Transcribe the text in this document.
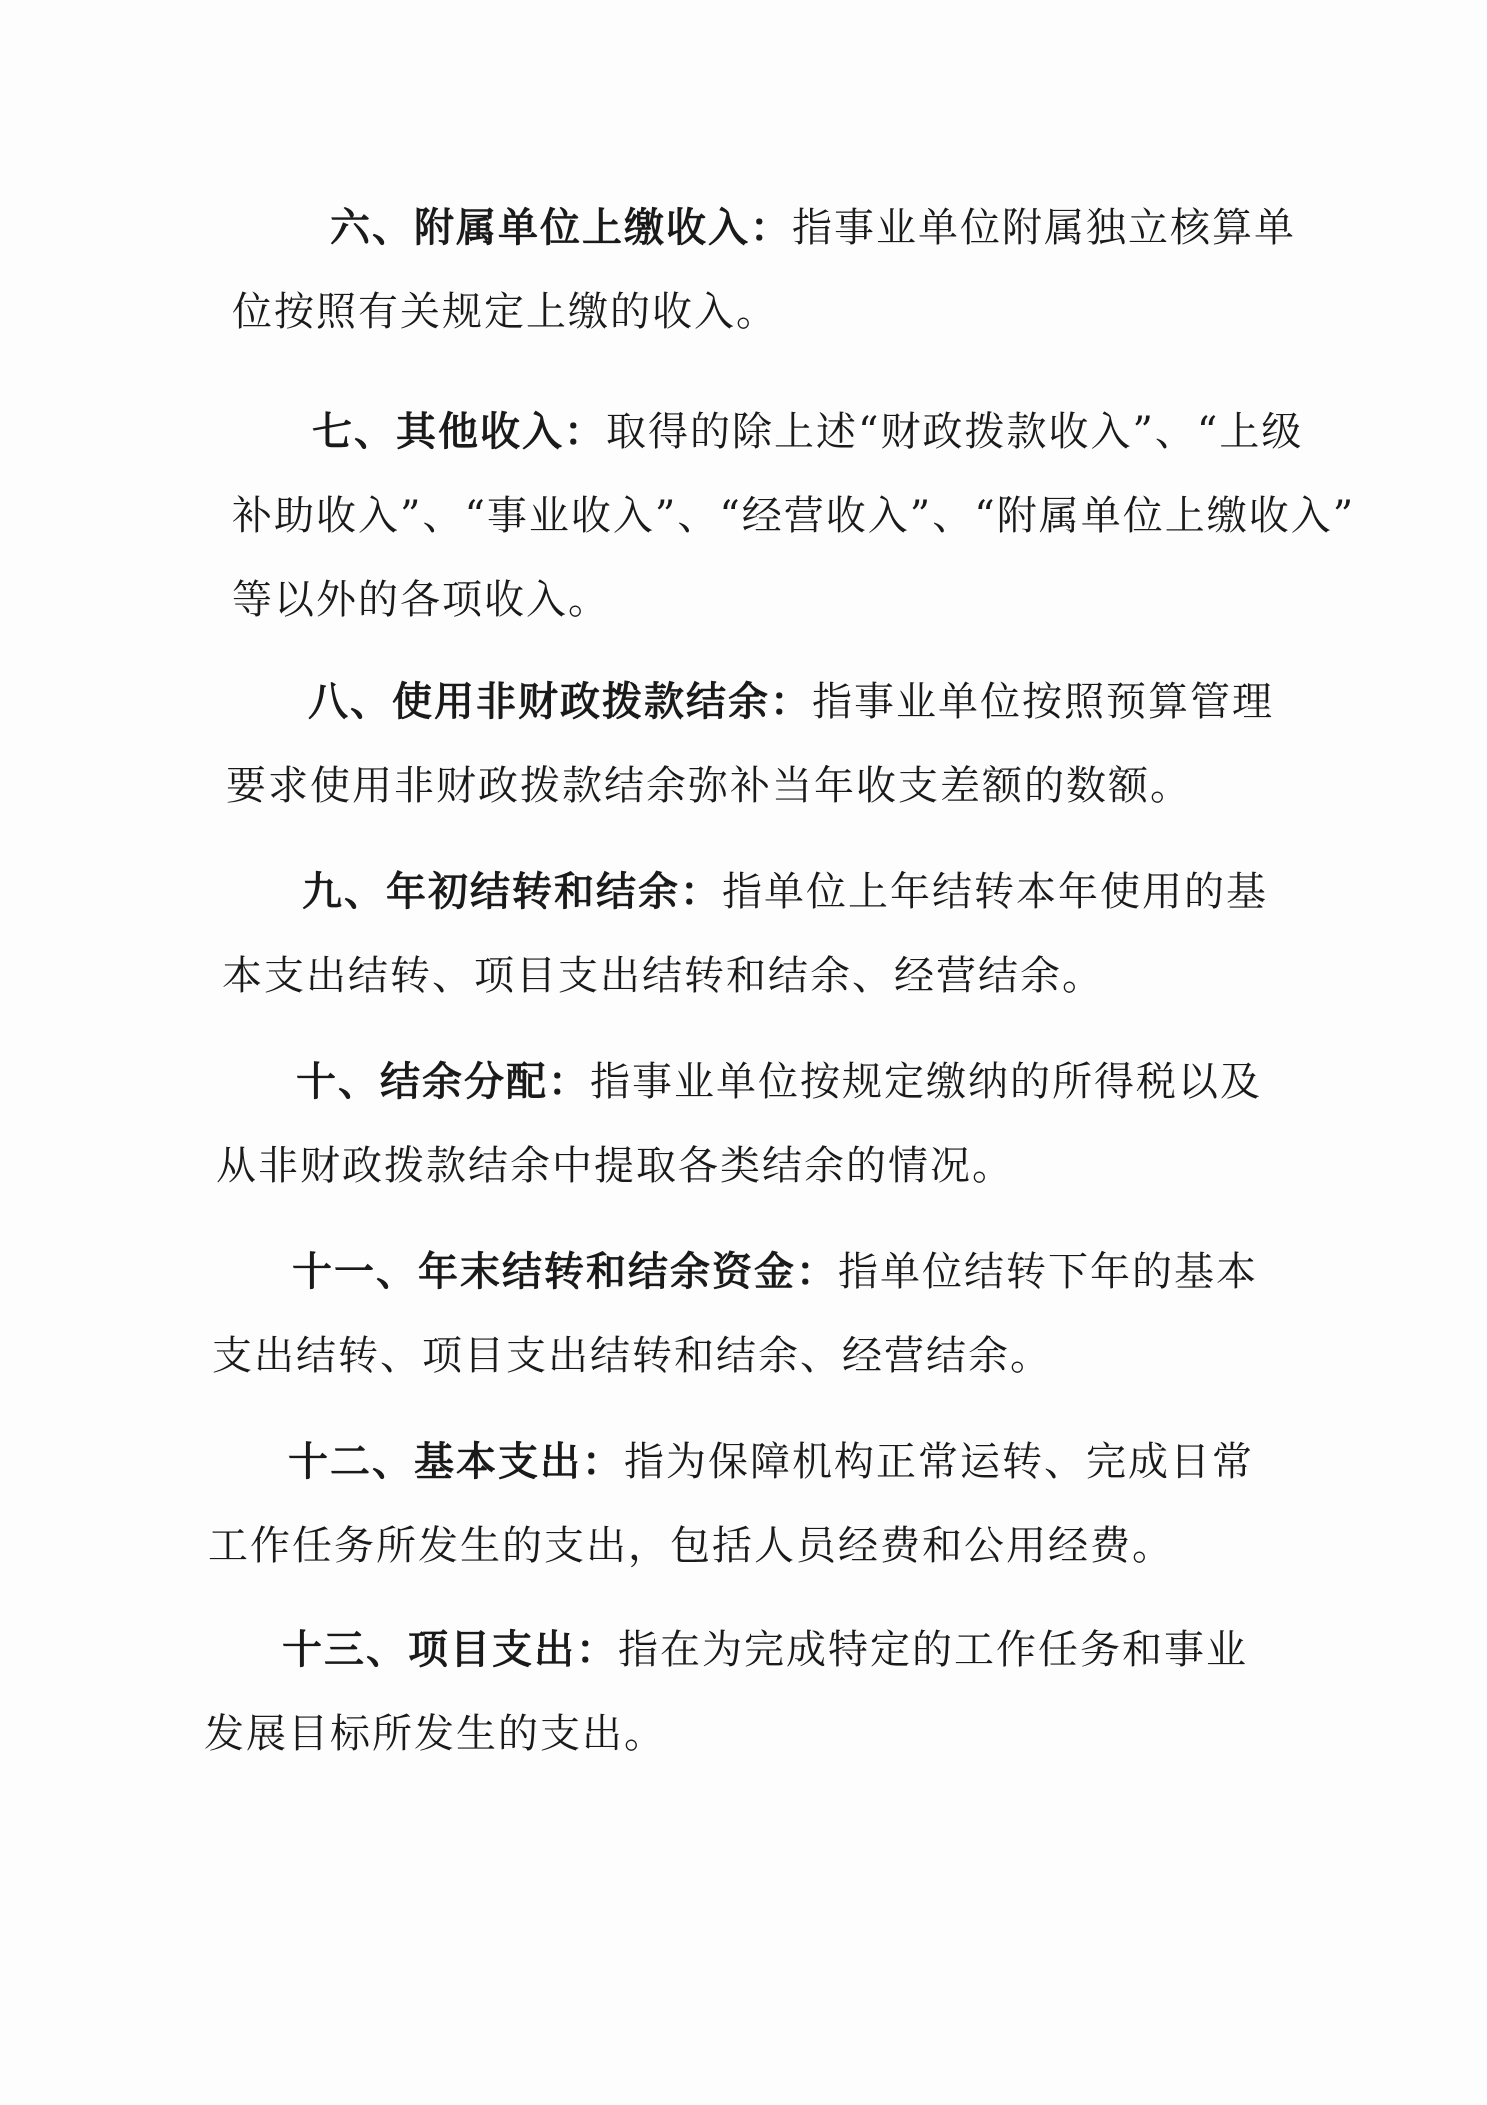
六、附属单位上缴收入：指事业单位附属独立核算单
位按照有关规定上缴的收入。
七、其他收入：取得的除上述“财政拨款收入”、“上级
补助收入”、“事业收入”、“经营收入”、“附属单位上缴收入”
等以外的各项收入。
八、使用非财政拨款结余：指事业单位按照预算管理
要求使用非财政拨款结余弥补当年收支差额的数额。
九、年初结转和结余：指单位上年结转本年使用的基
本支出结转、项目支出结转和结余、经营结余。
十、结余分配：指事业单位按规定缴纳的所得税以及
从非财政拨款结余中提取各类结余的情况。
十一、年末结转和结余资金：指单位结转下年的基本
支出结转、项目支出结转和结余、经营结余。
十二、基本支出：指为保障机构正常运转、完成日常
工作任务所发生的支出，包括人员经费和公用经费。
十三、项目支出：指在为完成特定的工作任务和事业
发展目标所发生的支出。
